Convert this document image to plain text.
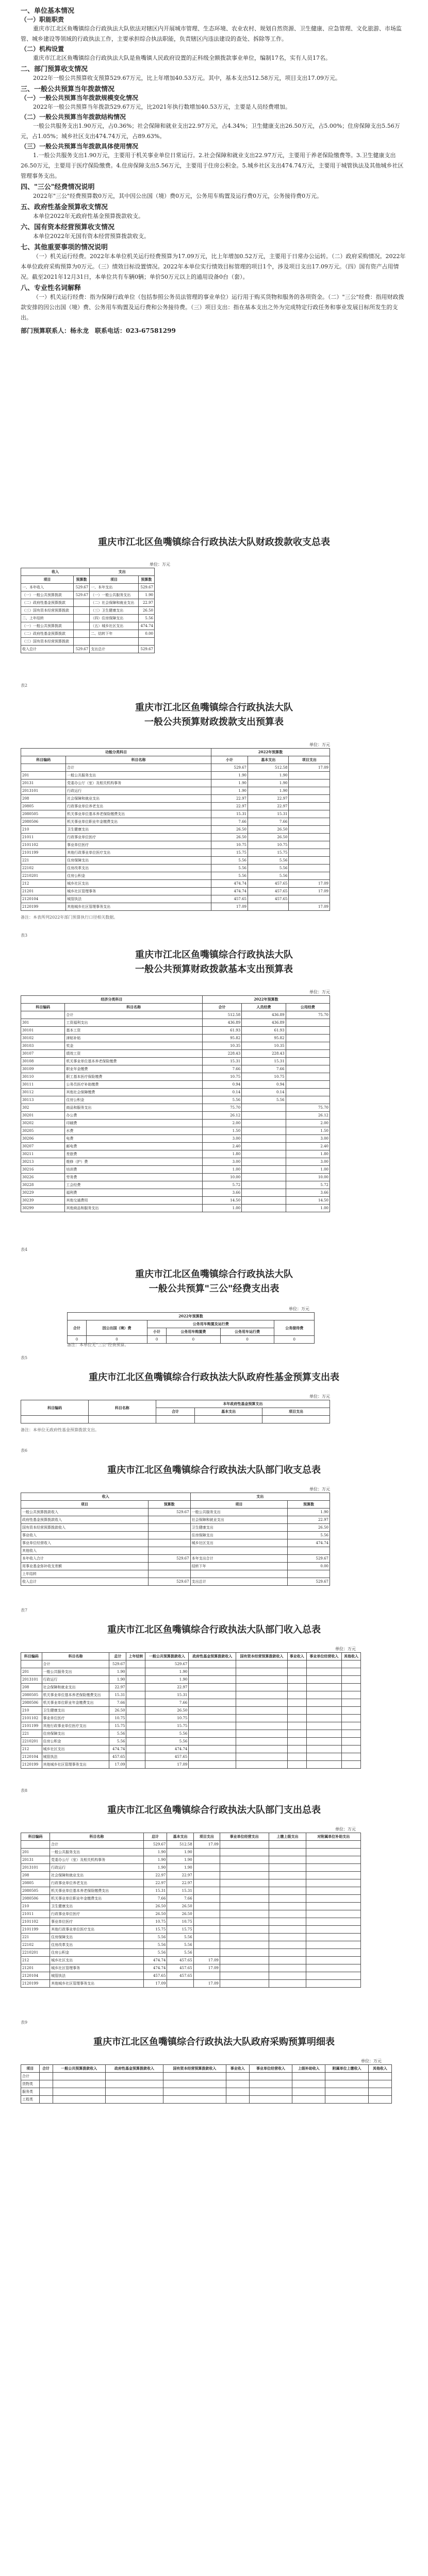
一、单位基本情况

（一）职能职责

重庆市江北区鱼嘴镇综合行政执法大队依法对辖区内开展城市管理、生态环境、农业农村、规划自然资源、卫生健康、应急管理、文化旅游、市场监管、城乡建设等领域的行政执法工作，主要承担综合执法职能，负责辖区内违法建设的查处、拆除等工作。

（二）机构设置

重庆市江北区鱼嘴镇综合行政执法大队是鱼嘴镇人民政府设置的正科级全额拨款事业单位，编制17名，实有人员17名。

二、部门预算收支情况

2022年一般公共预算收支预算529.67万元，比上年增加40.53万元。其中，基本支出512.58万元，项目支出17.09万元。

三、一般公共预算当年拨款情况

（一）一般公共预算当年拨款规模变化情况

2022年一般公共预算当年拨款529.67万元，比2021年执行数增加40.53万元，主要是人员经费增加。

（二）一般公共预算当年拨款结构情况

一般公共服务支出1.90万元，占0.36%；社会保障和就业支出22.97万元，占4.34%；卫生健康支出26.50万元，占5.00%；住房保障支出5.56万元，占1.05%；城乡社区支出474.74万元，占89.63%。

（三）一般公共预算当年拨款具体使用情况

1.一般公共服务支出1.90万元，主要用于机关事业单位日常运行。2.社会保障和就业支出22.97万元，主要用于养老保险缴费等。3.卫生健康支出26.50万元，主要用于医疗保险缴费。4.住房保障支出5.56万元，主要用于住房公积金。5.城乡社区支出474.74万元，主要用于城管执法及其他城乡社区管理事务支出。

四、"三公"经费情况说明

2022年"三公"经费预算数0万元，其中因公出国（境）费0万元，公务用车购置及运行费0万元，公务接待费0万元。

五、政府性基金预算收支情况

本单位2022年无政府性基金预算拨款收支。

六、国有资本经营预算收支情况

本单位2022年无国有资本经营预算拨款收支。

七、其他重要事项的情况说明

（一）机关运行经费。2022年本单位机关运行经费预算为17.09万元，比上年增加0.52万元，主要用于日常办公运转。（二）政府采购情况。2022年本单位政府采购预算为0万元。（三）绩效目标设置情况。2022年本单位实行绩效目标管理的项目1个，涉及项目支出17.09万元。（四）国有资产占用情况。截至2021年12月31日，本单位共有车辆0辆；单价50万元以上的通用设备0台（套）。

八、专业性名词解释

（一）机关运行经费：指为保障行政单位（包括参照公务员法管理的事业单位）运行用于购买货物和服务的各项资金。（二）"三公"经费：指用财政拨款安排的因公出国（境）费、公务用车购置及运行费和公务接待费。（三）项目支出：指在基本支出之外为完成特定行政任务和事业发展目标所发生的支出。

部门预算联系人：杨永龙　联系电话：023-67581299

重庆市江北区鱼嘴镇综合行政执法大队财政拨款收支总表
单位：万元
收入		支出	
项目	预算数	项目	预算数
一、本年收入	529.67	一、本年支出	529.67
（一）一般公共预算拨款	529.67	（一）一般公共服务支出	1.90
（二）政府性基金预算拨款		（二）社会保障和就业支出	22.97
（三）国有资本经营预算拨款		（三）卫生健康支出	26.50
二、上年结转		（四）住房保障支出	5.56
（一）一般公共预算拨款		（五）城乡社区支出	474.74
（二）政府性基金预算拨款		二、结转下年	0.00
（三）国有资本经营预算拨款			
收入总计	529.67	支出总计	529.67
表2
重庆市江北区鱼嘴镇综合行政执法大队
一般公共预算财政拨款支出预算表
单位：万元
功能分类科目		2022年预算数		
科目编码	科目名称	小计	基本支出	项目支出
	合计	529.67	512.58	17.09
201	一般公共服务支出	1.90	1.90	
20131	党委办公厅（室）及相关机构事务	1.90	1.90	
2013101	行政运行	1.90	1.90	
208	社会保障和就业支出	22.97	22.97	
20805	行政事业单位养老支出	22.97	22.97	
2080505	机关事业单位基本养老保险缴费支出	15.31	15.31	
2080506	机关事业单位职业年金缴费支出	7.66	7.66	
210	卫生健康支出	26.50	26.50	
21011	行政事业单位医疗	26.50	26.50	
2101102	事业单位医疗	10.75	10.75	
2101199	其他行政事业单位医疗支出	15.75	15.75	
221	住房保障支出	5.56	5.56	
22102	住房改革支出	5.56	5.56	
2210201	住房公积金	5.56	5.56	
212	城乡社区支出	474.74	457.65	17.09
21201	城乡社区管理事务	474.74	457.65	17.09
2120104	城管执法	457.65	457.65	
2120199	其他城乡社区管理事务支出	17.09		17.09
备注：本表所列2022年部门预算执行口径相关数据。
表3
重庆市江北区鱼嘴镇综合行政执法大队
一般公共预算财政拨款基本支出预算表
单位：万元
经济分类科目		2022年预算数		
科目编码	科目名称	合计	人员经费	公用经费
	合计	512.58	436.89	75.70
301	工资福利支出	436.89	436.89	
30101	基本工资	61.93	61.93	
30102	津贴补贴	95.82	95.82	
30103	奖金	10.35	10.35	
30107	绩效工资	228.43	228.43	
30108	机关事业单位基本养老保险缴费	15.31	15.31	
30109	职业年金缴费	7.66	7.66	
30110	职工基本医疗保险缴费	10.75	10.75	
30111	公务员医疗补助缴费	0.94	0.94	
30112	其他社会保障缴费	0.14	0.14	
30113	住房公积金	5.56	5.56	
302	商品和服务支出	75.70		75.70
30201	办公费	26.12		26.12
30202	印刷费	2.00		2.00
30205	水费	1.50		1.50
30206	电费	3.00		3.00
30207	邮电费	2.40		2.40
30211	差旅费	1.80		1.80
30213	维修（护）费	3.00		3.00
30216	培训费	1.00		1.00
30226	劳务费	10.00		10.00
30228	工会经费	5.72		5.72
30229	福利费	3.66		3.66
30239	其他交通费用	14.50		14.50
30299	其他商品和服务支出	1.00		1.00
表4
重庆市江北区鱼嘴镇综合行政执法大队
一般公共预算"三公"经费支出表
单位：万元
2022年预算数					
合计	因公出国（境）费	公务用车购置及运行费			公务接待费
		小计	公务用车购置费	公务用车运行费	
0	0	0	0	0	0
备注：本单位无"三公"经费预算。
表5
重庆市江北区鱼嘴镇综合行政执法大队政府性基金预算支出表
单位：万元
科目编码	科目名称	本年政府性基金预算支出		
		合计	基本支出	项目支出

备注：本单位无政府性基金预算拨款支出。
表6
重庆市江北区鱼嘴镇综合行政执法大队部门收支总表
单位：万元
收入		支出	
项目	预算数	项目	预算数
一般公共预算拨款收入	529.67	一般公共服务支出	1.90
政府性基金预算拨款收入		社会保障和就业支出	22.97
国有资本经营预算拨款收入		卫生健康支出	26.50
事业收入		住房保障支出	5.56
事业单位经营收入		城乡社区支出	474.74
其他收入			
本年收入合计	529.67	本年支出合计	529.67
用事业基金弥补收支差额		结转下年	0.00
上年结转			
收入总计	529.67	支出总计	529.67
表7
重庆市江北区鱼嘴镇综合行政执法大队部门收入总表
单位：万元
科目编码	科目名称	总计	上年结转	一般公共预算拨款收入	政府性基金预算拨款收入	国有资本经营预算拨款收入	事业收入	事业单位经营收入	其他收入
	合计	529.67		529.67					
201	一般公共服务支出	1.90		1.90					
2013101	行政运行	1.90		1.90					
208	社会保障和就业支出	22.97		22.97					
2080505	机关事业单位基本养老保险缴费支出	15.31		15.31					
2080506	机关事业单位职业年金缴费支出	7.66		7.66					
210	卫生健康支出	26.50		26.50					
2101102	事业单位医疗	10.75		10.75					
2101199	其他行政事业单位医疗支出	15.75		15.75					
221	住房保障支出	5.56		5.56					
2210201	住房公积金	5.56		5.56					
212	城乡社区支出	474.74		474.74					
2120104	城管执法	457.65		457.65					
2120199	其他城乡社区管理事务支出	17.09		17.09					
表8
重庆市江北区鱼嘴镇综合行政执法大队部门支出总表
单位：万元
科目编码	科目名称	总计	基本支出	项目支出	事业单位经营支出	上缴上级支出	对附属单位补助支出
	合计	529.67	512.58	17.09			
201	一般公共服务支出	1.90	1.90				
20131	党委办公厅（室）及相关机构事务	1.90	1.90				
2013101	行政运行	1.90	1.90				
208	社会保障和就业支出	22.97	22.97				
20805	行政事业单位养老支出	22.97	22.97				
2080505	机关事业单位基本养老保险缴费支出	15.31	15.31				
2080506	机关事业单位职业年金缴费支出	7.66	7.66				
210	卫生健康支出	26.50	26.50				
21011	行政事业单位医疗	26.50	26.50				
2101102	事业单位医疗	10.75	10.75				
2101199	其他行政事业单位医疗支出	15.75	15.75				
221	住房保障支出	5.56	5.56				
22102	住房改革支出	5.56	5.56				
2210201	住房公积金	5.56	5.56				
212	城乡社区支出	474.74	457.65	17.09			
21201	城乡社区管理事务	474.74	457.65	17.09			
2120104	城管执法	457.65	457.65				
2120199	其他城乡社区管理事务支出	17.09		17.09			
表9
重庆市江北区鱼嘴镇综合行政执法大队政府采购预算明细表
单位：万元
项目	合计	一般公共预算拨款收入	政府性基金预算拨款收入	国有资本经营预算拨款收入	事业收入	事业单位经营收入	上级补助收入	附属单位上缴收入	其他收入
合计									
货物类									
服务类									
工程类									
